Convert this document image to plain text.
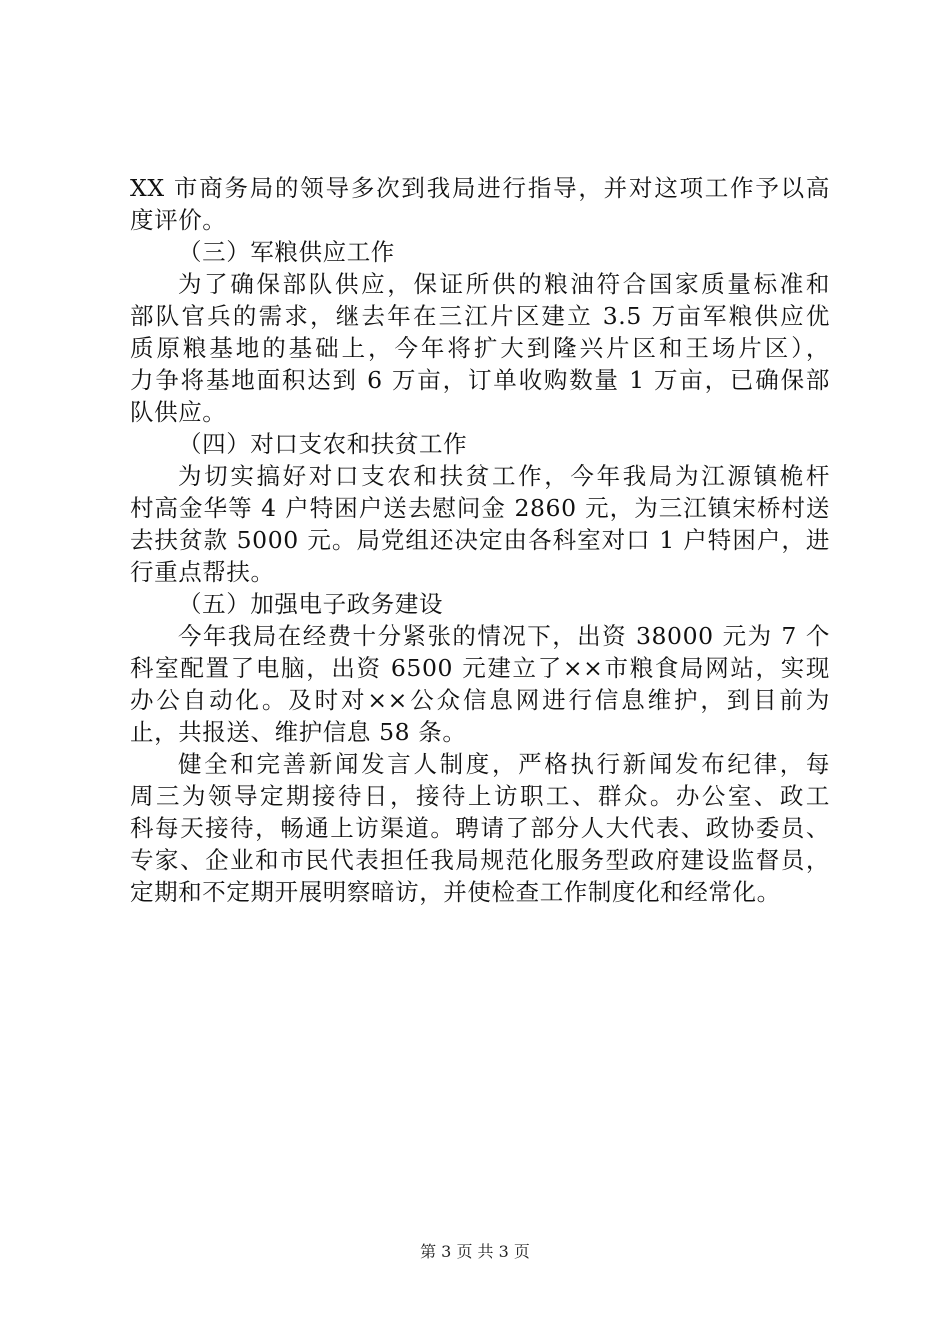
XX 市商务局的领导多次到我局进行指导，并对这项工作予以高
度评价。
（三）军粮供应工作
为了确保部队供应，保证所供的粮油符合国家质量标准和
部队官兵的需求，继去年在三江片区建立 3.5 万亩军粮供应优
质原粮基地的基础上，今年将扩大到隆兴片区和王场片区），
力争将基地面积达到 6 万亩，订单收购数量 1 万亩，已确保部
队供应。
（四）对口支农和扶贫工作
为切实搞好对口支农和扶贫工作，今年我局为江源镇桅杆
村高金华等 4 户特困户送去慰问金 2860 元，为三江镇宋桥村送
去扶贫款 5000 元。局党组还决定由各科室对口 1 户特困户，进
行重点帮扶。
（五）加强电子政务建设
今年我局在经费十分紧张的情况下，出资 38000 元为 7 个
科室配置了电脑，出资 6500 元建立了××市粮食局网站，实现
办公自动化。及时对××公众信息网进行信息维护，到目前为
止，共报送、维护信息 58 条。
健全和完善新闻发言人制度，严格执行新闻发布纪律，每
周三为领导定期接待日，接待上访职工、群众。办公室、政工
科每天接待，畅通上访渠道。聘请了部分人大代表、政协委员、
专家、企业和市民代表担任我局规范化服务型政府建设监督员，
定期和不定期开展明察暗访，并使检查工作制度化和经常化。
第 3 页 共 3 页
